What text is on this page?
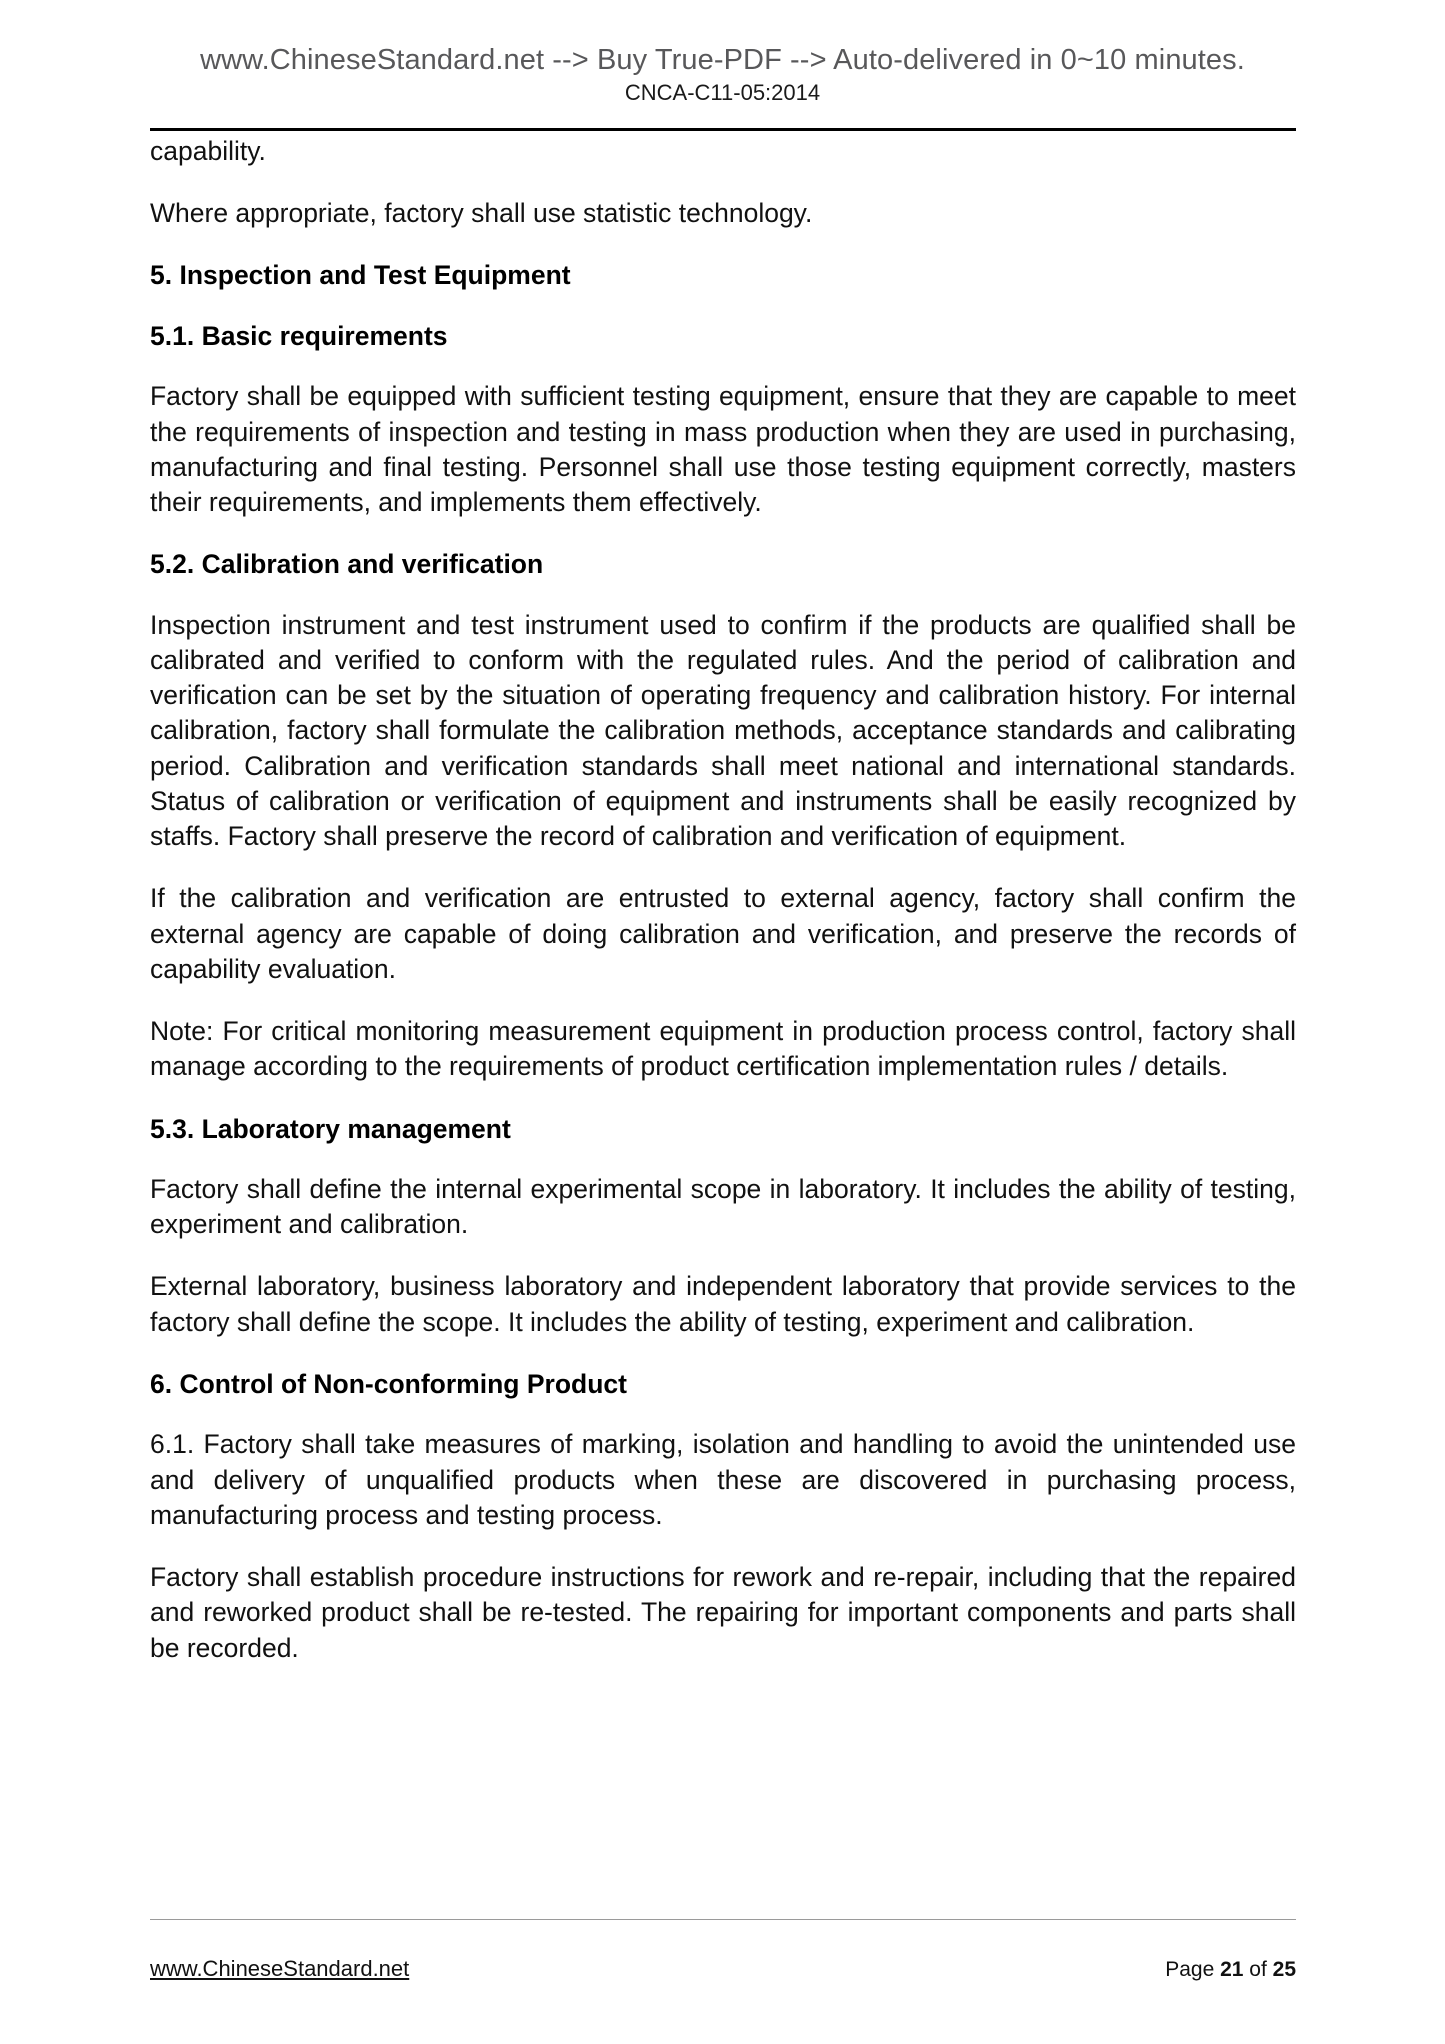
www.ChineseStandard.net --> Buy True-PDF --> Auto-delivered in 0~10 minutes.
CNCA-C11-05:2014

capability.

Where appropriate, factory shall use statistic technology.

5. Inspection and Test Equipment
5.1. Basic requirements

Factory shall be equipped with sufficient testing equipment, ensure that they are capable to meet the requirements of inspection and testing in mass production when they are used in purchasing, manufacturing and final testing. Personnel shall use those testing equipment correctly, masters their requirements, and implements them effectively.

5.2. Calibration and verification

Inspection instrument and test instrument used to confirm if the products are qualified shall be calibrated and verified to conform with the regulated rules. And the period of calibration and verification can be set by the situation of operating frequency and calibration history. For internal calibration, factory shall formulate the calibration methods, acceptance standards and calibrating period. Calibration and verification standards shall meet national and international standards. Status of calibration or verification of equipment and instruments shall be easily recognized by staffs. Factory shall preserve the record of calibration and verification of equipment.

If the calibration and verification are entrusted to external agency, factory shall confirm the external agency are capable of doing calibration and verification, and preserve the records of capability evaluation.

Note: For critical monitoring measurement equipment in production process control, factory shall manage according to the requirements of product certification implementation rules / details.

5.3. Laboratory management

Factory shall define the internal experimental scope in laboratory. It includes the ability of testing, experiment and calibration.

External laboratory, business laboratory and independent laboratory that provide services to the factory shall define the scope. It includes the ability of testing, experiment and calibration.

6. Control of Non-conforming Product

6.1. Factory shall take measures of marking, isolation and handling to avoid the unintended use and delivery of unqualified products when these are discovered in purchasing process, manufacturing process and testing process.

Factory shall establish procedure instructions for rework and re-repair, including that the repaired and reworked product shall be re-tested. The repairing for important components and parts shall be recorded.

www.ChineseStandard.net	Page 21 of 25
